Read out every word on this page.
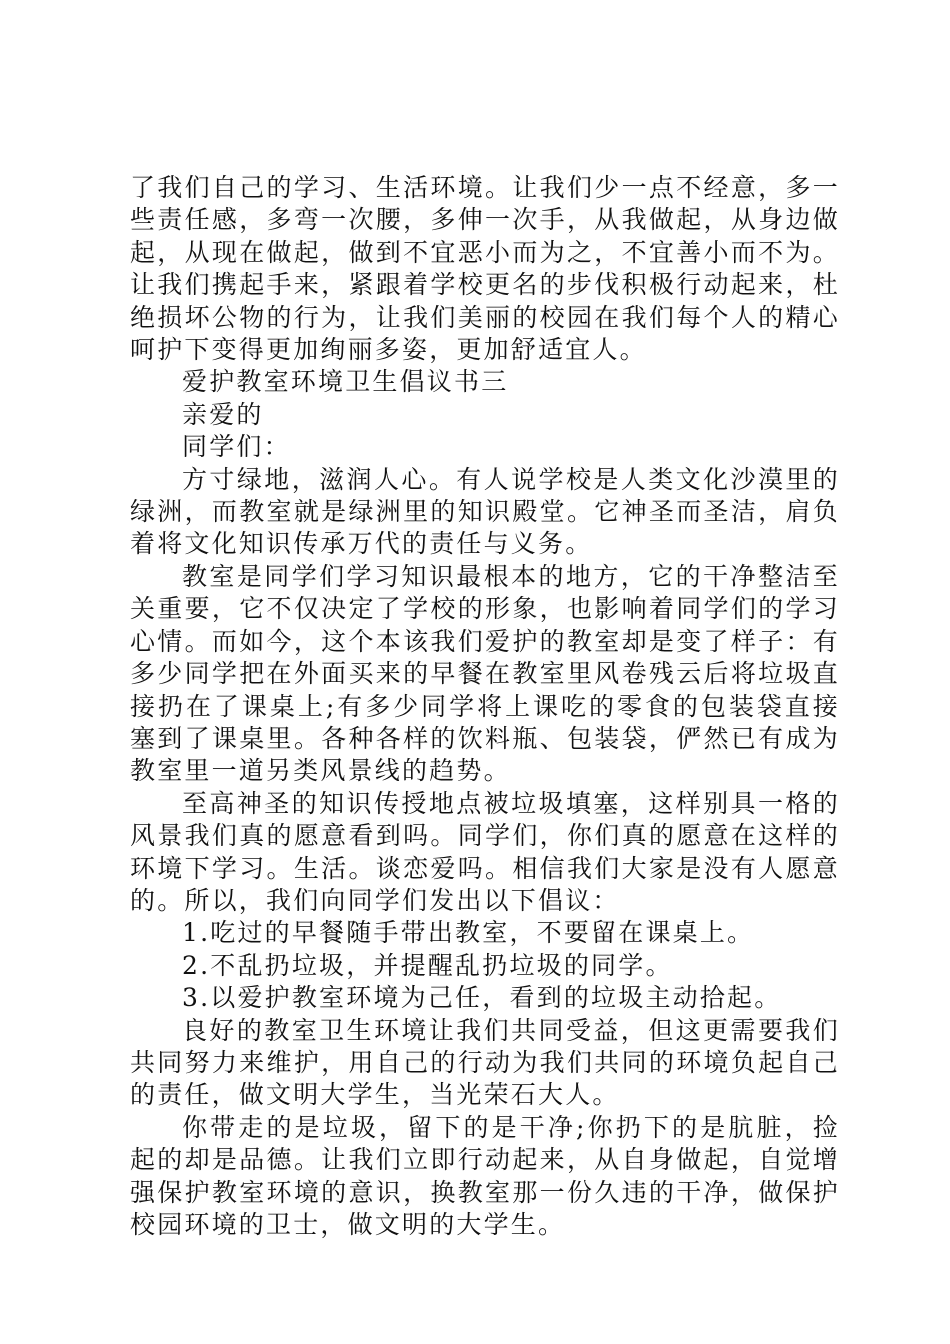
了我们自己的学习、生活环境。让我们少一点不经意，多一些责任感，多弯一次腰，多伸一次手，从我做起，从身边做起，从现在做起，做到不宜恶小而为之，不宜善小而不为。让我们携起手来，紧跟着学校更名的步伐积极行动起来，杜绝损坏公物的行为，让我们美丽的校园在我们每个人的精心呵护下变得更加绚丽多姿，更加舒适宜人。

爱护教室环境卫生倡议书三

亲爱的

同学们：

方寸绿地，滋润人心。有人说学校是人类文化沙漠里的绿洲，而教室就是绿洲里的知识殿堂。它神圣而圣洁，肩负着将文化知识传承万代的责任与义务。

教室是同学们学习知识最根本的地方，它的干净整洁至关重要，它不仅决定了学校的形象，也影响着同学们的学习心情。而如今，这个本该我们爱护的教室却是变了样子：有多少同学把在外面买来的早餐在教室里风卷残云后将垃圾直接扔在了课桌上;有多少同学将上课吃的零食的包装袋直接塞到了课桌里。各种各样的饮料瓶、包装袋，俨然已有成为教室里一道另类风景线的趋势。

至高神圣的知识传授地点被垃圾填塞，这样别具一格的风景我们真的愿意看到吗。同学们，你们真的愿意在这样的环境下学习。生活。谈恋爱吗。相信我们大家是没有人愿意的。所以，我们向同学们发出以下倡议：

1.吃过的早餐随手带出教室，不要留在课桌上。

2.不乱扔垃圾，并提醒乱扔垃圾的同学。

3.以爱护教室环境为己任，看到的垃圾主动拾起。

良好的教室卫生环境让我们共同受益，但这更需要我们共同努力来维护，用自己的行动为我们共同的环境负起自己的责任，做文明大学生，当光荣石大人。

你带走的是垃圾，留下的是干净;你扔下的是肮脏，捡起的却是品德。让我们立即行动起来，从自身做起，自觉增强保护教室环境的意识，换教室那一份久违的干净，做保护校园环境的卫士，做文明的大学生。
